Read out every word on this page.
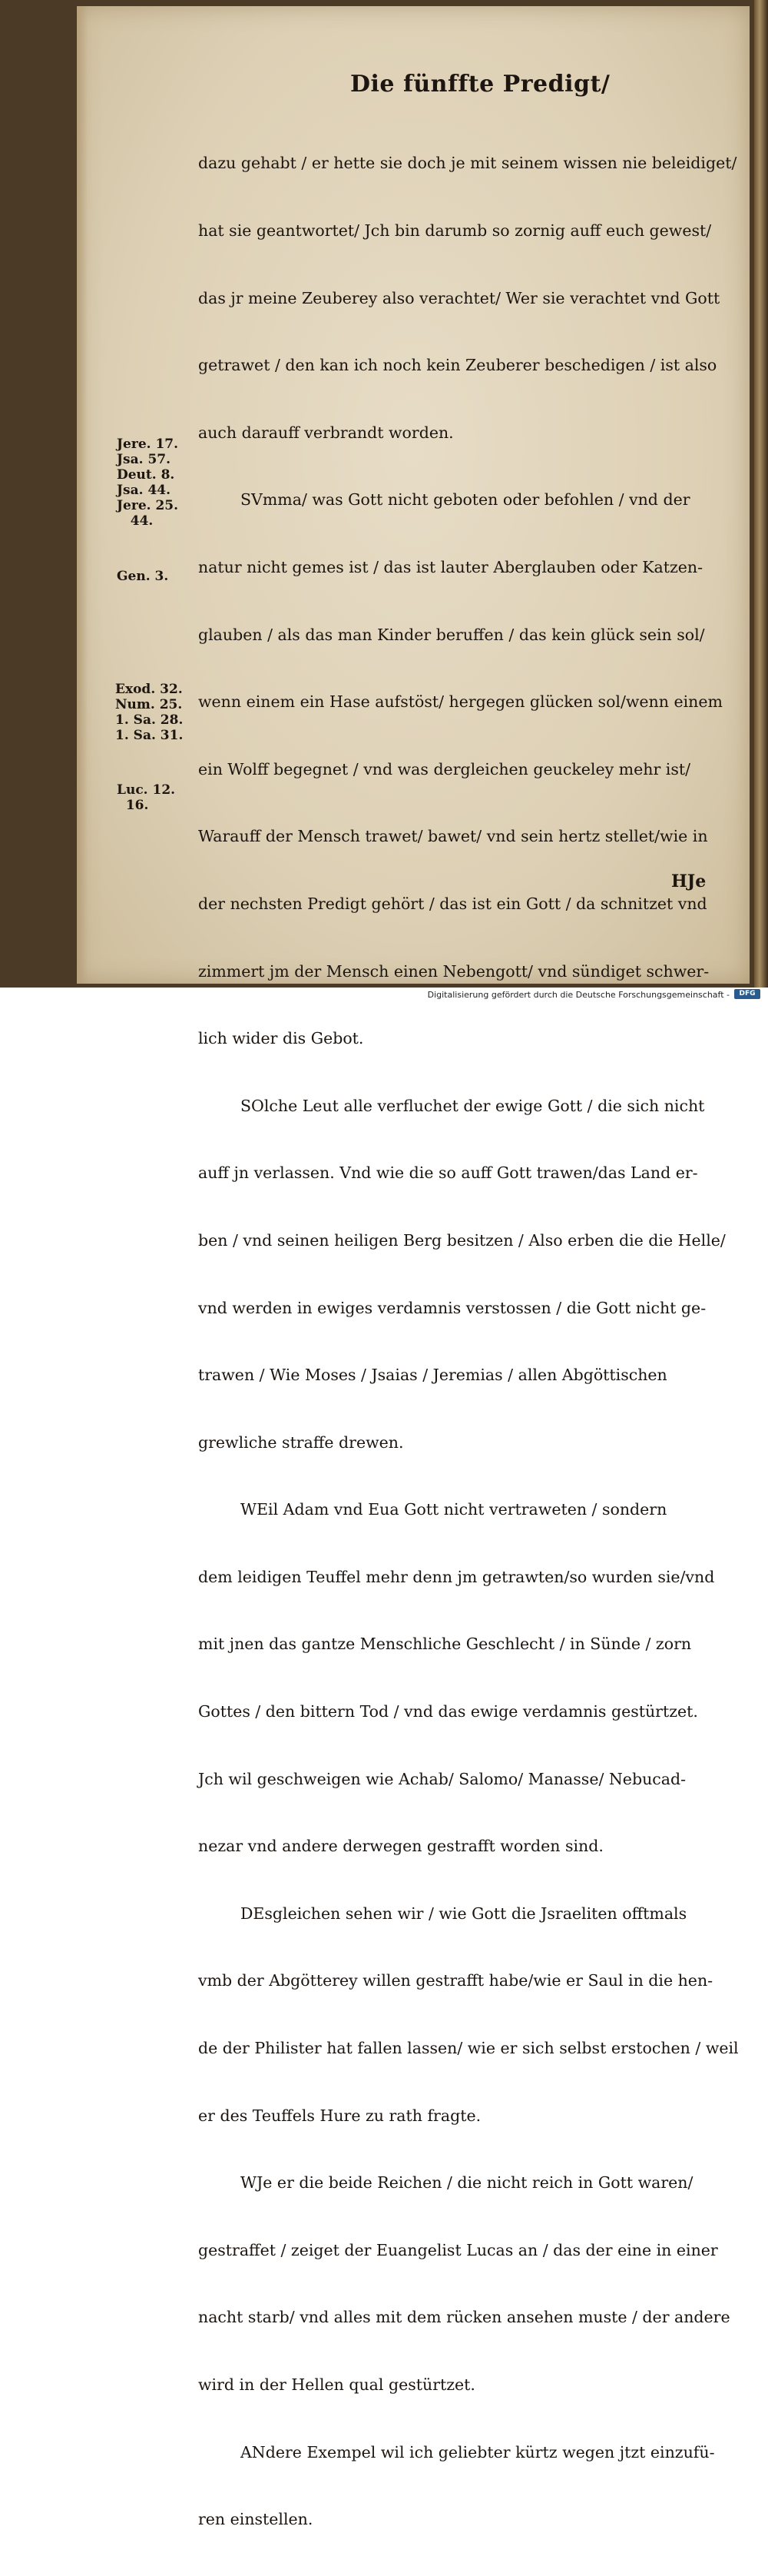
Die fünffte Predigt/

dazu gehabt / er hette sie doch je mit seinem wissen nie beleidiget/

hat sie geantwortet/ Jch bin darumb so zornig auff euch gewest/

das jr meine Zeuberey also verachtet/ Wer sie verachtet vnd Gott

getrawet / den kan ich noch kein Zeuberer beschedigen / ist also

auch darauff verbrandt worden.

SVmma/ was Gott nicht geboten oder befohlen / vnd der

natur nicht gemes ist / das ist lauter Aberglauben oder Katzen-

glauben / als das man Kinder beruffen / das kein glück sein sol/

wenn einem ein Hase aufstöst/ hergegen glücken sol/wenn einem

ein Wolff begegnet / vnd was dergleichen geuckeley mehr ist/

Warauff der Mensch trawet/ bawet/ vnd sein hertz stellet/wie in

der nechsten Predigt gehört / das ist ein Gott / da schnitzet vnd

zimmert jm der Mensch einen Nebengott/ vnd sündiget schwer-

lich wider dis Gebot.

SOlche Leut alle verfluchet der ewige Gott / die sich nicht

auff jn verlassen. Vnd wie die so auff Gott trawen/das Land er-

ben / vnd seinen heiligen Berg besitzen / Also erben die die Helle/

vnd werden in ewiges verdamnis verstossen / die Gott nicht ge-

trawen / Wie Moses / Jsaias / Jeremias / allen Abgöttischen

grewliche straffe drewen.

WEil Adam vnd Eua Gott nicht vertraweten / sondern

dem leidigen Teuffel mehr denn jm getrawten/so wurden sie/vnd

mit jnen das gantze Menschliche Geschlecht / in Sünde / zorn

Gottes / den bittern Tod / vnd das ewige verdamnis gestürtzet.

Jch wil geschweigen wie Achab/ Salomo/ Manasse/ Nebucad-

nezar vnd andere derwegen gestrafft worden sind.

DEsgleichen sehen wir / wie Gott die Jsraeliten offtmals

vmb der Abgötterey willen gestrafft habe/wie er Saul in die hen-

de der Philister hat fallen lassen/ wie er sich selbst erstochen / weil

er des Teuffels Hure zu rath fragte.

WJe er die beide Reichen / die nicht reich in Gott waren/

gestraffet / zeiget der Euangelist Lucas an / das der eine in einer

nacht starb/ vnd alles mit dem rücken ansehen muste / der andere

wird in der Hellen qual gestürtzet.

ANdere Exempel wil ich geliebter kürtz wegen jtzt einzufü-

ren einstellen.

Jere. 17.
Jsa. 57.
Deut. 8.
Jsa. 44.
Jere. 25.
44.
Gen. 3.
Exod. 32.
Num. 25.
1. Sa. 28.
1. Sa. 31.
Luc. 12.
16.
HJe
Digitalisierung gefördert durch die Deutsche Forschungsgemeinschaft -	DFG
